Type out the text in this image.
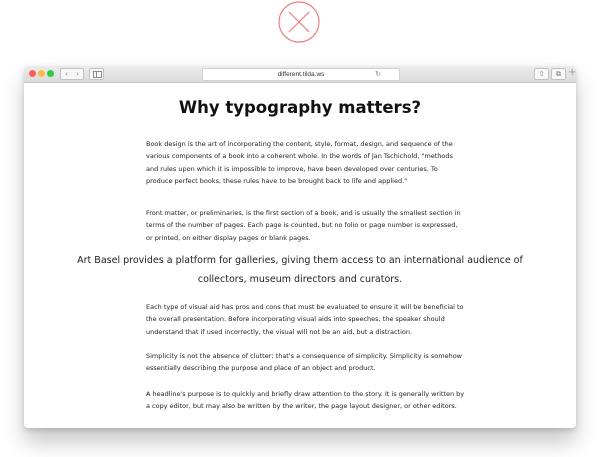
‹	›	different.tilda.ws	↻	⇧	⧉ +
Why typography matters?
Book design is the art of incorporating the content, style, format, design, and sequence of the various components of a book into a coherent whole. In the words of Jan Tschichold, "methods and rules upon which it is impossible to improve, have been developed over centuries. To produce perfect books, these rules have to be brought back to life and applied."
Front matter, or preliminaries, is the first section of a book, and is usually the smallest section in terms of the number of pages. Each page is counted, but no folio or page number is expressed, or printed, on either display pages or blank pages.
Art Basel provides a platform for galleries, giving them access to an international audience of
collectors, museum directors and curators.
Each type of visual aid has pros and cons that must be evaluated to ensure it will be beneficial to the overall presentation. Before incorporating visual aids into speeches, the speaker should understand that if used incorrectly, the visual will not be an aid, but a distraction.
Simplicity is not the absence of clutter; that's a consequence of simplicity. Simplicity is somehow essentially describing the purpose and place of an object and product.
A headline's purpose is to quickly and briefly draw attention to the story. It is generally written by a copy editor, but may also be written by the writer, the page layout designer, or other editors.
